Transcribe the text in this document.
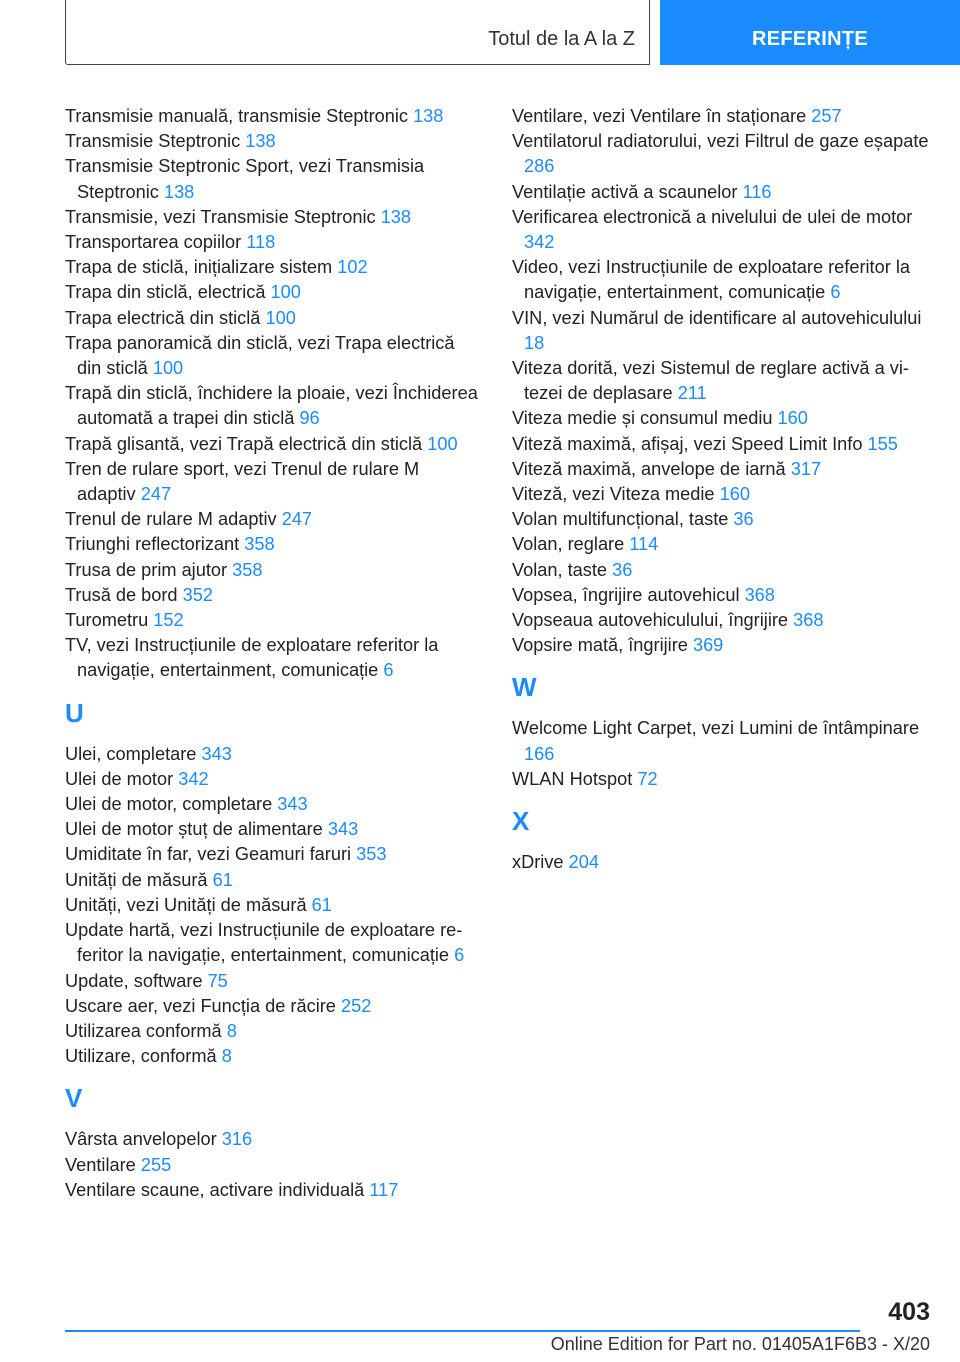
Totul de la A la Z	REFERINȚE
Transmisie manuală, transmisie Steptronic 138
Transmisie Steptronic 138
Transmisie Steptronic Sport, vezi Transmisia Steptronic 138
Transmisie, vezi Transmisie Steptronic 138
Transportarea copiilor 118
Trapa de sticlă, inițializare sistem 102
Trapa din sticlă, electrică 100
Trapa electrică din sticlă 100
Trapa panoramică din sticlă, vezi Trapa electrică din sticlă 100
Trapă din sticlă, închidere la ploaie, vezi Închiderea automată a trapei din sticlă 96
Trapă glisantă, vezi Trapă electrică din sticlă 100
Tren de rulare sport, vezi Trenul de rulare M adaptiv 247
Trenul de rulare M adaptiv 247
Triunghi reflectorizant 358
Trusa de prim ajutor 358
Trusă de bord 352
Turometru 152
TV, vezi Instrucțiunile de exploatare referitor la navigație, entertainment, comunicație 6
U
Ulei, completare 343
Ulei de motor 342
Ulei de motor, completare 343
Ulei de motor ștuț de alimentare 343
Umiditate în far, vezi Geamuri faruri 353
Unități de măsură 61
Unități, vezi Unități de măsură 61
Update hartă, vezi Instrucțiunile de exploatare referitor la navigație, entertainment, comunicație 6
Update, software 75
Uscare aer, vezi Funcția de răcire 252
Utilizarea conformă 8
Utilizare, conformă 8
V
Vârsta anvelopelor 316
Ventilare 255
Ventilare scaune, activare individuală 117
Ventilare, vezi Ventilare în staționare 257
Ventilatorul radiatorului, vezi Filtrul de gaze eșapate 286
Ventilație activă a scaunelor 116
Verificarea electronică a nivelului de ulei de motor 342
Video, vezi Instrucțiunile de exploatare referitor la navigație, entertainment, comunicație 6
VIN, vezi Numărul de identificare al autovehiculului 18
Viteza dorită, vezi Sistemul de reglare activă a vitezei de deplasare 211
Viteza medie și consumul mediu 160
Viteză maximă, afișaj, vezi Speed Limit Info 155
Viteză maximă, anvelope de iarnă 317
Viteză, vezi Viteza medie 160
Volan multifuncțional, taste 36
Volan, reglare 114
Volan, taste 36
Vopsea, îngrijire autovehicul 368
Vopseaua autovehiculului, îngrijire 368
Vopsire mată, îngrijire 369
W
Welcome Light Carpet, vezi Lumini de întâmpinare 166
WLAN Hotspot 72
X
xDrive 204
403
Online Edition for Part no. 01405A1F6B3 - X/20
